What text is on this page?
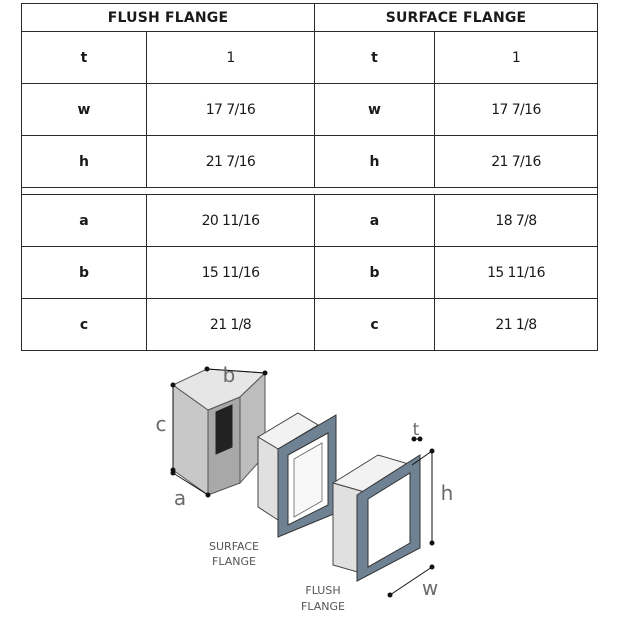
FLUSH FLANGE		SURFACE FLANGE	
t	1	t	1
w	17 7/16	w	17 7/16
h	21 7/16	h	21 7/16

a	20 11/16	a	18 7/8
b	15 11/16	b	15 11/16
c	21 1/8	c	21 1/8
b
c
a
t
h
w
SURFACE
FLANGE
FLUSH
FLANGE
